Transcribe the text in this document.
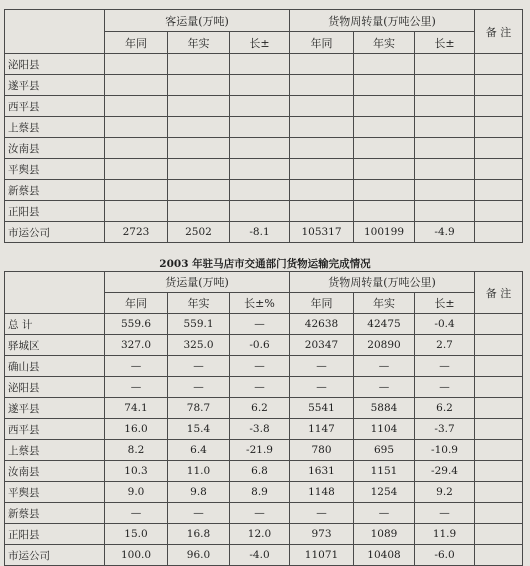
	客运量(万吨)			货物周转量(万吨公里)			备 注
	年同	年实	长±	年同	年实	长±	
泌阳县							
遂平县							
西平县							
上蔡县							
汝南县							
平舆县							
新蔡县							
正阳县							
市运公司	2723	2502	-8.1	105317	100199	-4.9	
2003 年驻马店市交通部门货物运输完成情况
	货运量(万吨)			货物周转量(万吨公里)			备 注
	年同	年实	长±%	年同	年实	长±	
总 计	559.6	559.1	—	42638	42475	-0.4	
驿城区	327.0	325.0	-0.6	20347	20890	2.7	
确山县	—	—	—	—	—	—	
泌阳县	—	—	—	—	—	—	
遂平县	74.1	78.7	6.2	5541	5884	6.2	
西平县	16.0	15.4	-3.8	1147	1104	-3.7	
上蔡县	8.2	6.4	-21.9	780	695	-10.9	
汝南县	10.3	11.0	6.8	1631	1151	-29.4	
平舆县	9.0	9.8	8.9	1148	1254	9.2	
新蔡县	—	—	—	—	—	—	
正阳县	15.0	16.8	12.0	973	1089	11.9	
市运公司	100.0	96.0	-4.0	11071	10408	-6.0	
